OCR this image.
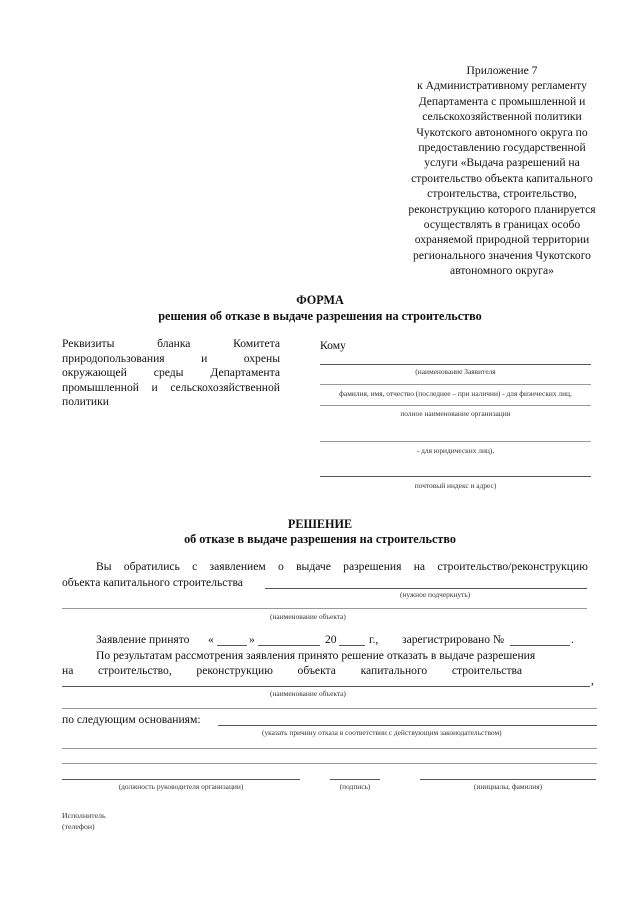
Приложение 7
к Административному регламенту
Департамента с промышленной и
сельскохозяйственной политики
Чукотского автономного округа по
предоставлению государственной
услуги «Выдача разрешений на
строительство объекта капитального
строительства, строительство,
реконструкцию которого планируется
осуществлять в границах особо
охраняемой природной территории
регионального значения Чукотского
автономного округа»
ФОРМА
решения об отказе в выдаче разрешения на строительство
Реквизиты бланка Комитета природопользования и охрены окружающей среды Департамента промышленной и сельскохозяйственной политики
Кому
(наименование Заявителя
фамилия, имя, отчество (последнее – при наличии) - для физических лиц,
полное наименование организации
- для юридических лиц),
почтовый индекс и адрес)
РЕШЕНИЕ
об отказе в выдаче разрешения на строительство
Вы обратились с заявлением о выдаче разрешения на строительство/реконструкцию
объекта капитального строительства
(нужное подчеркнуть)
(наименование объекта)
Заявление принято «	»	20	г., зарегистрировано №	.
По результатам рассмотрения заявления принято решение отказать в выдаче разрешения
на строительство, реконструкцию объекта капитального строительства
,
(наименование объекта)
по следующим основаниям:
(указать причину отказа в соответствии с действующим законодательством)
(должность руководителя организации)	(подпись)	(инициалы, фамилия)
Исполнитель
(телефон)
